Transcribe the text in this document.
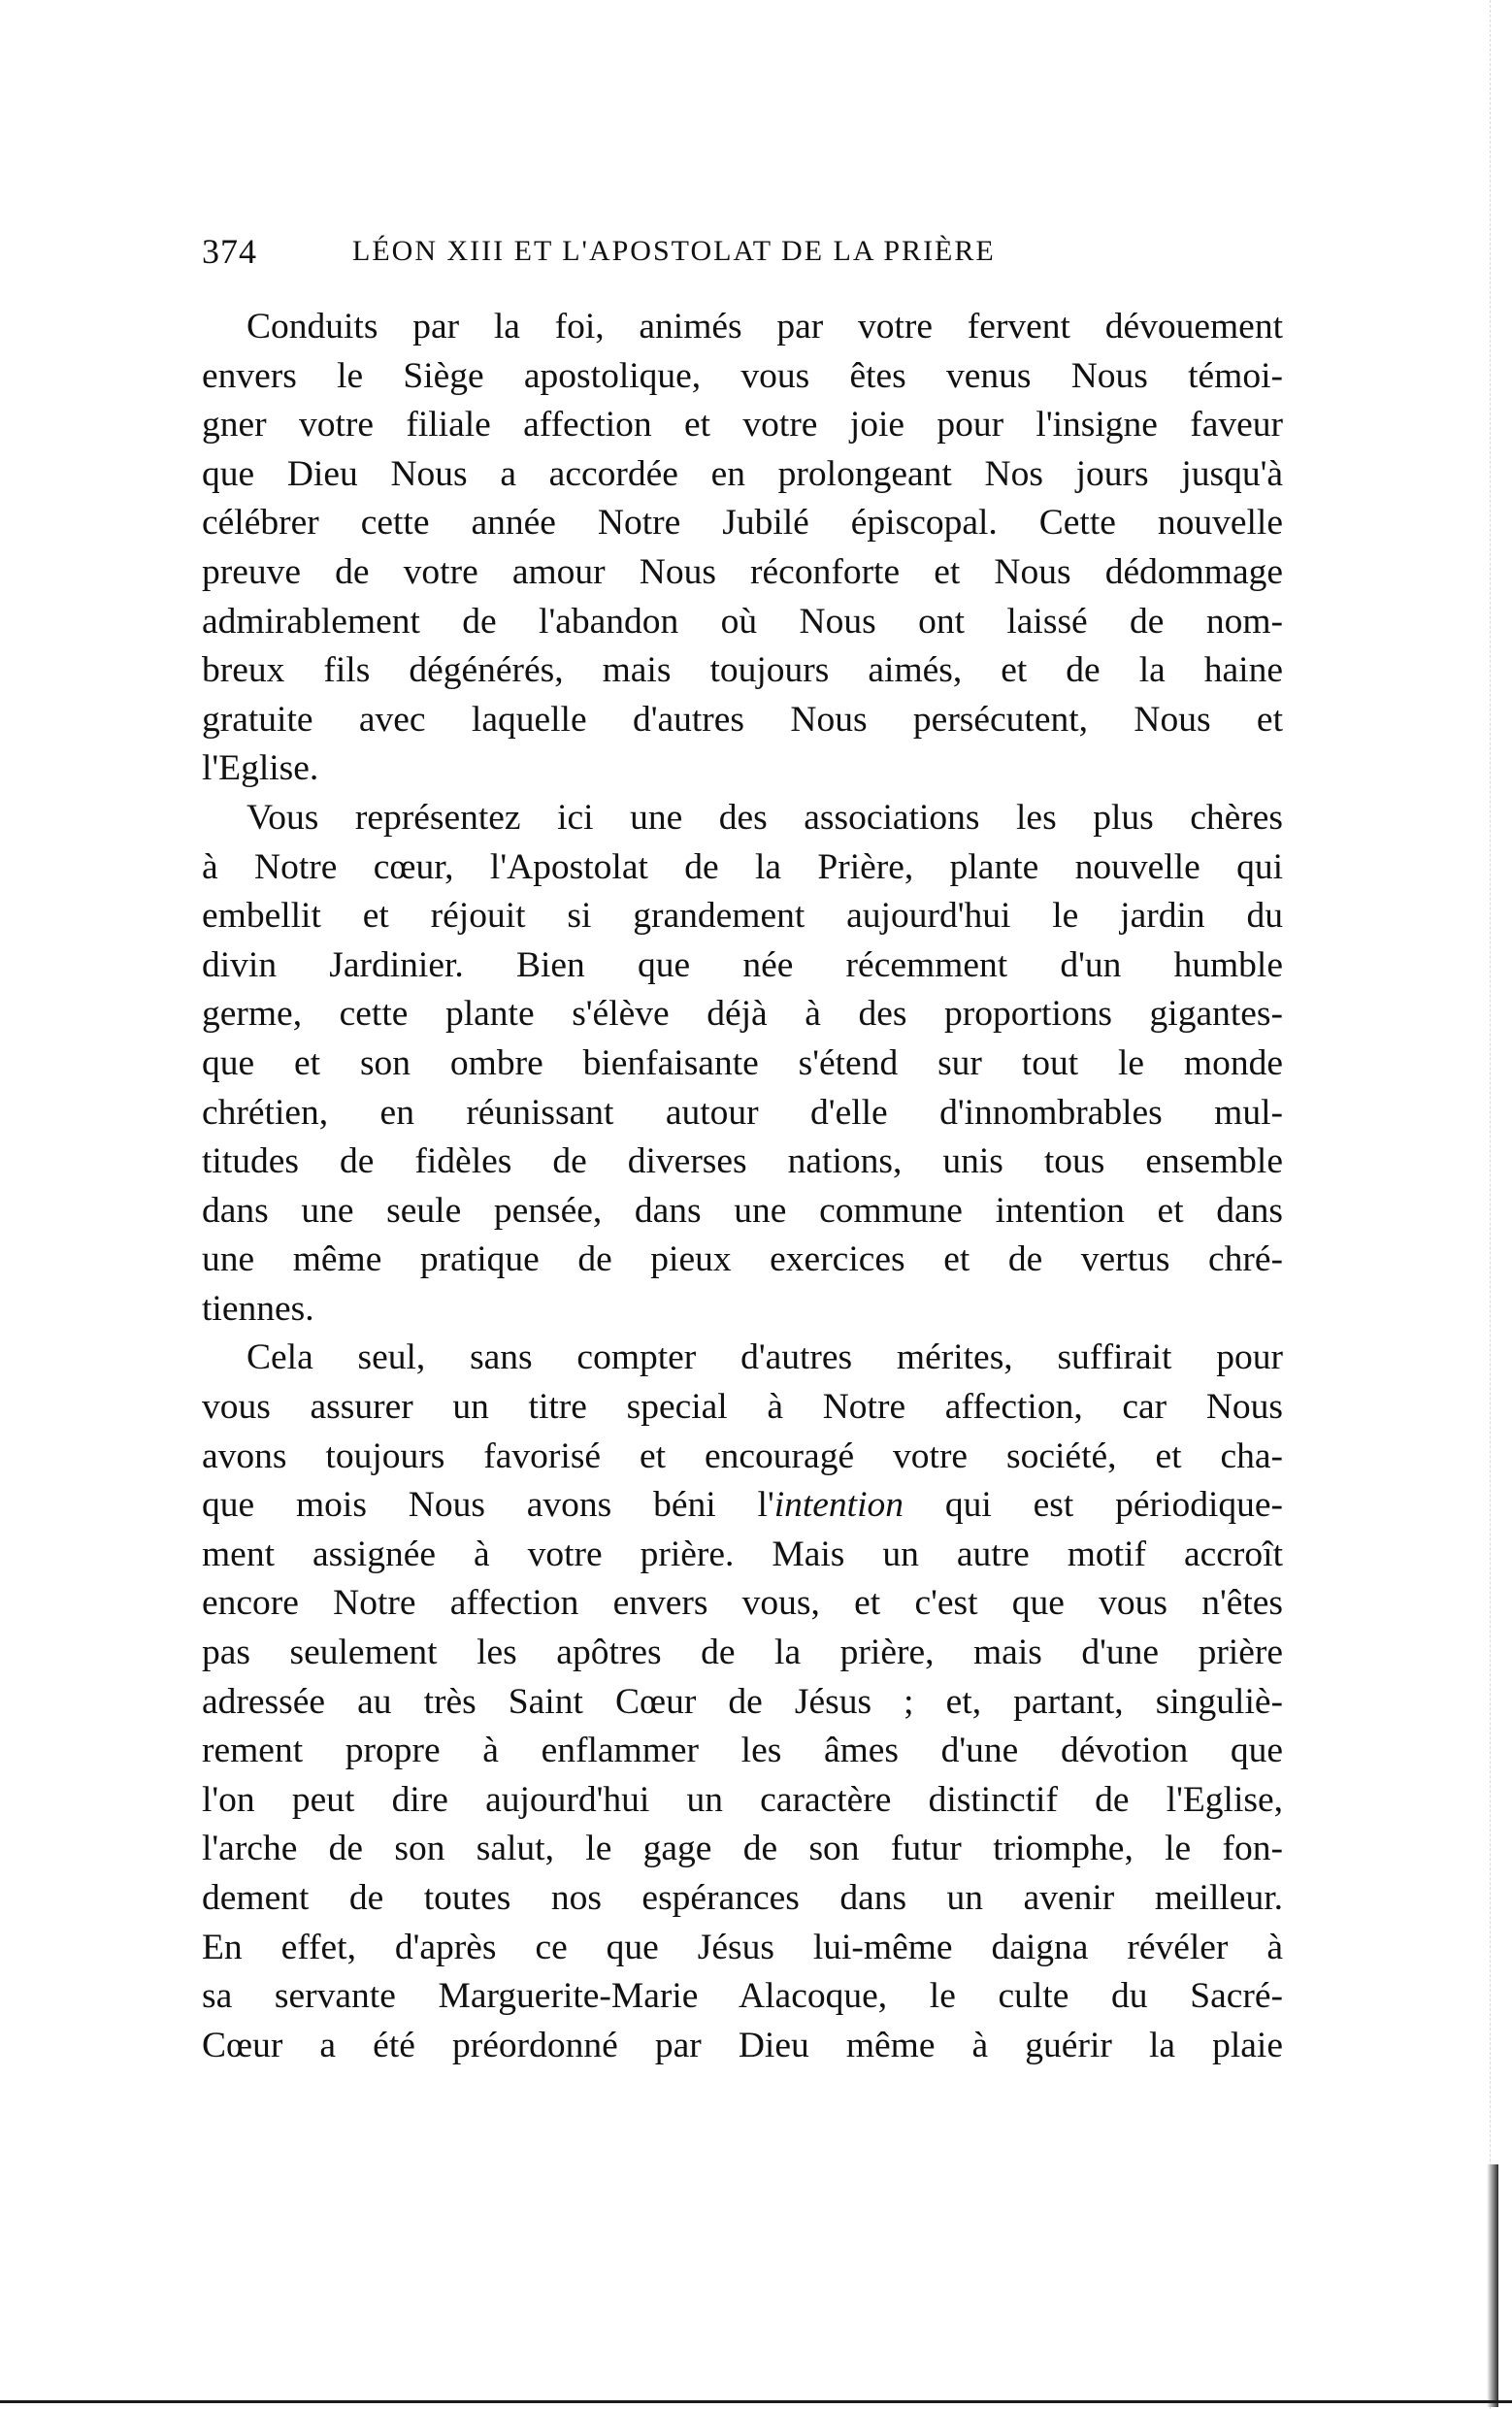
374	LÉON XIII ET L'APOSTOLAT DE LA PRIÈRE
Conduits par la foi, animés par votre fervent dévouement
envers le Siège apostolique, vous êtes venus Nous témoi-
gner votre filiale affection et votre joie pour l'insigne faveur
que Dieu Nous a accordée en prolongeant Nos jours jusqu'à
célébrer cette année Notre Jubilé épiscopal. Cette nouvelle
preuve de votre amour Nous réconforte et Nous dédommage
admirablement de l'abandon où Nous ont laissé de nom-
breux fils dégénérés, mais toujours aimés, et de la haine
gratuite avec laquelle d'autres Nous persécutent, Nous et
l'Eglise.
Vous représentez ici une des associations les plus chères
à Notre cœur, l'Apostolat de la Prière, plante nouvelle qui
embellit et réjouit si grandement aujourd'hui le jardin du
divin Jardinier. Bien que née récemment d'un humble
germe, cette plante s'élève déjà à des proportions gigantes-
que et son ombre bienfaisante s'étend sur tout le monde
chrétien, en réunissant autour d'elle d'innombrables mul-
titudes de fidèles de diverses nations, unis tous ensemble
dans une seule pensée, dans une commune intention et dans
une même pratique de pieux exercices et de vertus chré-
tiennes.
Cela seul, sans compter d'autres mérites, suffirait pour
vous assurer un titre special à Notre affection, car Nous
avons toujours favorisé et encouragé votre société, et cha-
que mois Nous avons béni l'intention qui est périodique-
ment assignée à votre prière. Mais un autre motif accroît
encore Notre affection envers vous, et c'est que vous n'êtes
pas seulement les apôtres de la prière, mais d'une prière
adressée au très Saint Cœur de Jésus ; et, partant, singuliè-
rement propre à enflammer les âmes d'une dévotion que
l'on peut dire aujourd'hui un caractère distinctif de l'Eglise,
l'arche de son salut, le gage de son futur triomphe, le fon-
dement de toutes nos espérances dans un avenir meilleur.
En effet, d'après ce que Jésus lui-même daigna révéler à
sa servante Marguerite-Marie Alacoque, le culte du Sacré-
Cœur a été préordonné par Dieu même à guérir la plaie
